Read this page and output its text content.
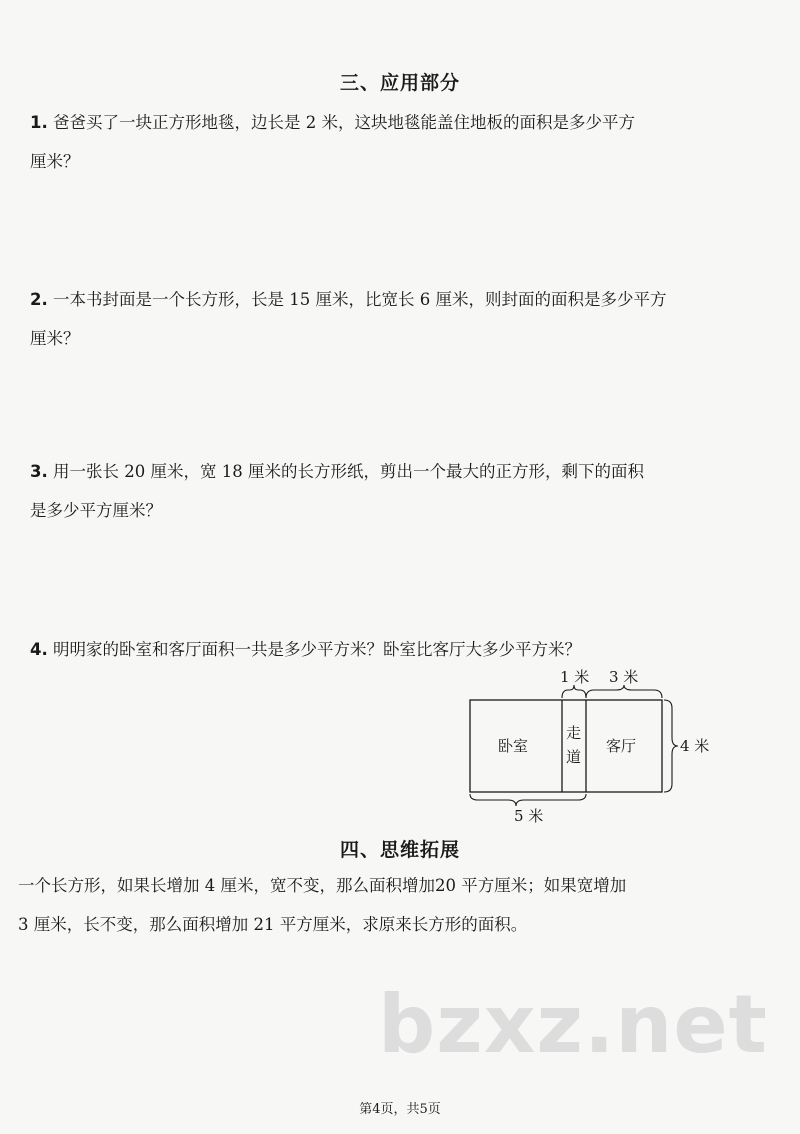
三、应用部分
1. 爸爸买了一块正方形地毯，边长是 2 米，这块地毯能盖住地板的面积是多少平方
厘米？
2. 一本书封面是一个长方形，长是 15 厘米，比宽长 6 厘米，则封面的面积是多少平方
厘米？
3. 用一张长 20 厘米，宽 18 厘米的长方形纸，剪出一个最大的正方形，剩下的面积
是多少平方厘米？
4. 明明家的卧室和客厅面积一共是多少平方米？卧室比客厅大多少平方米？
卧室
走
道
客厅
1 米 3 米
4 米
5 米
四、思维拓展
一个长方形，如果长增加 4 厘米，宽不变，那么面积增加20 平方厘米；如果宽增加
3 厘米，长不变，那么面积增加 21 平方厘米，求原来长方形的面积。
bzxz.net
第4页，共5页
